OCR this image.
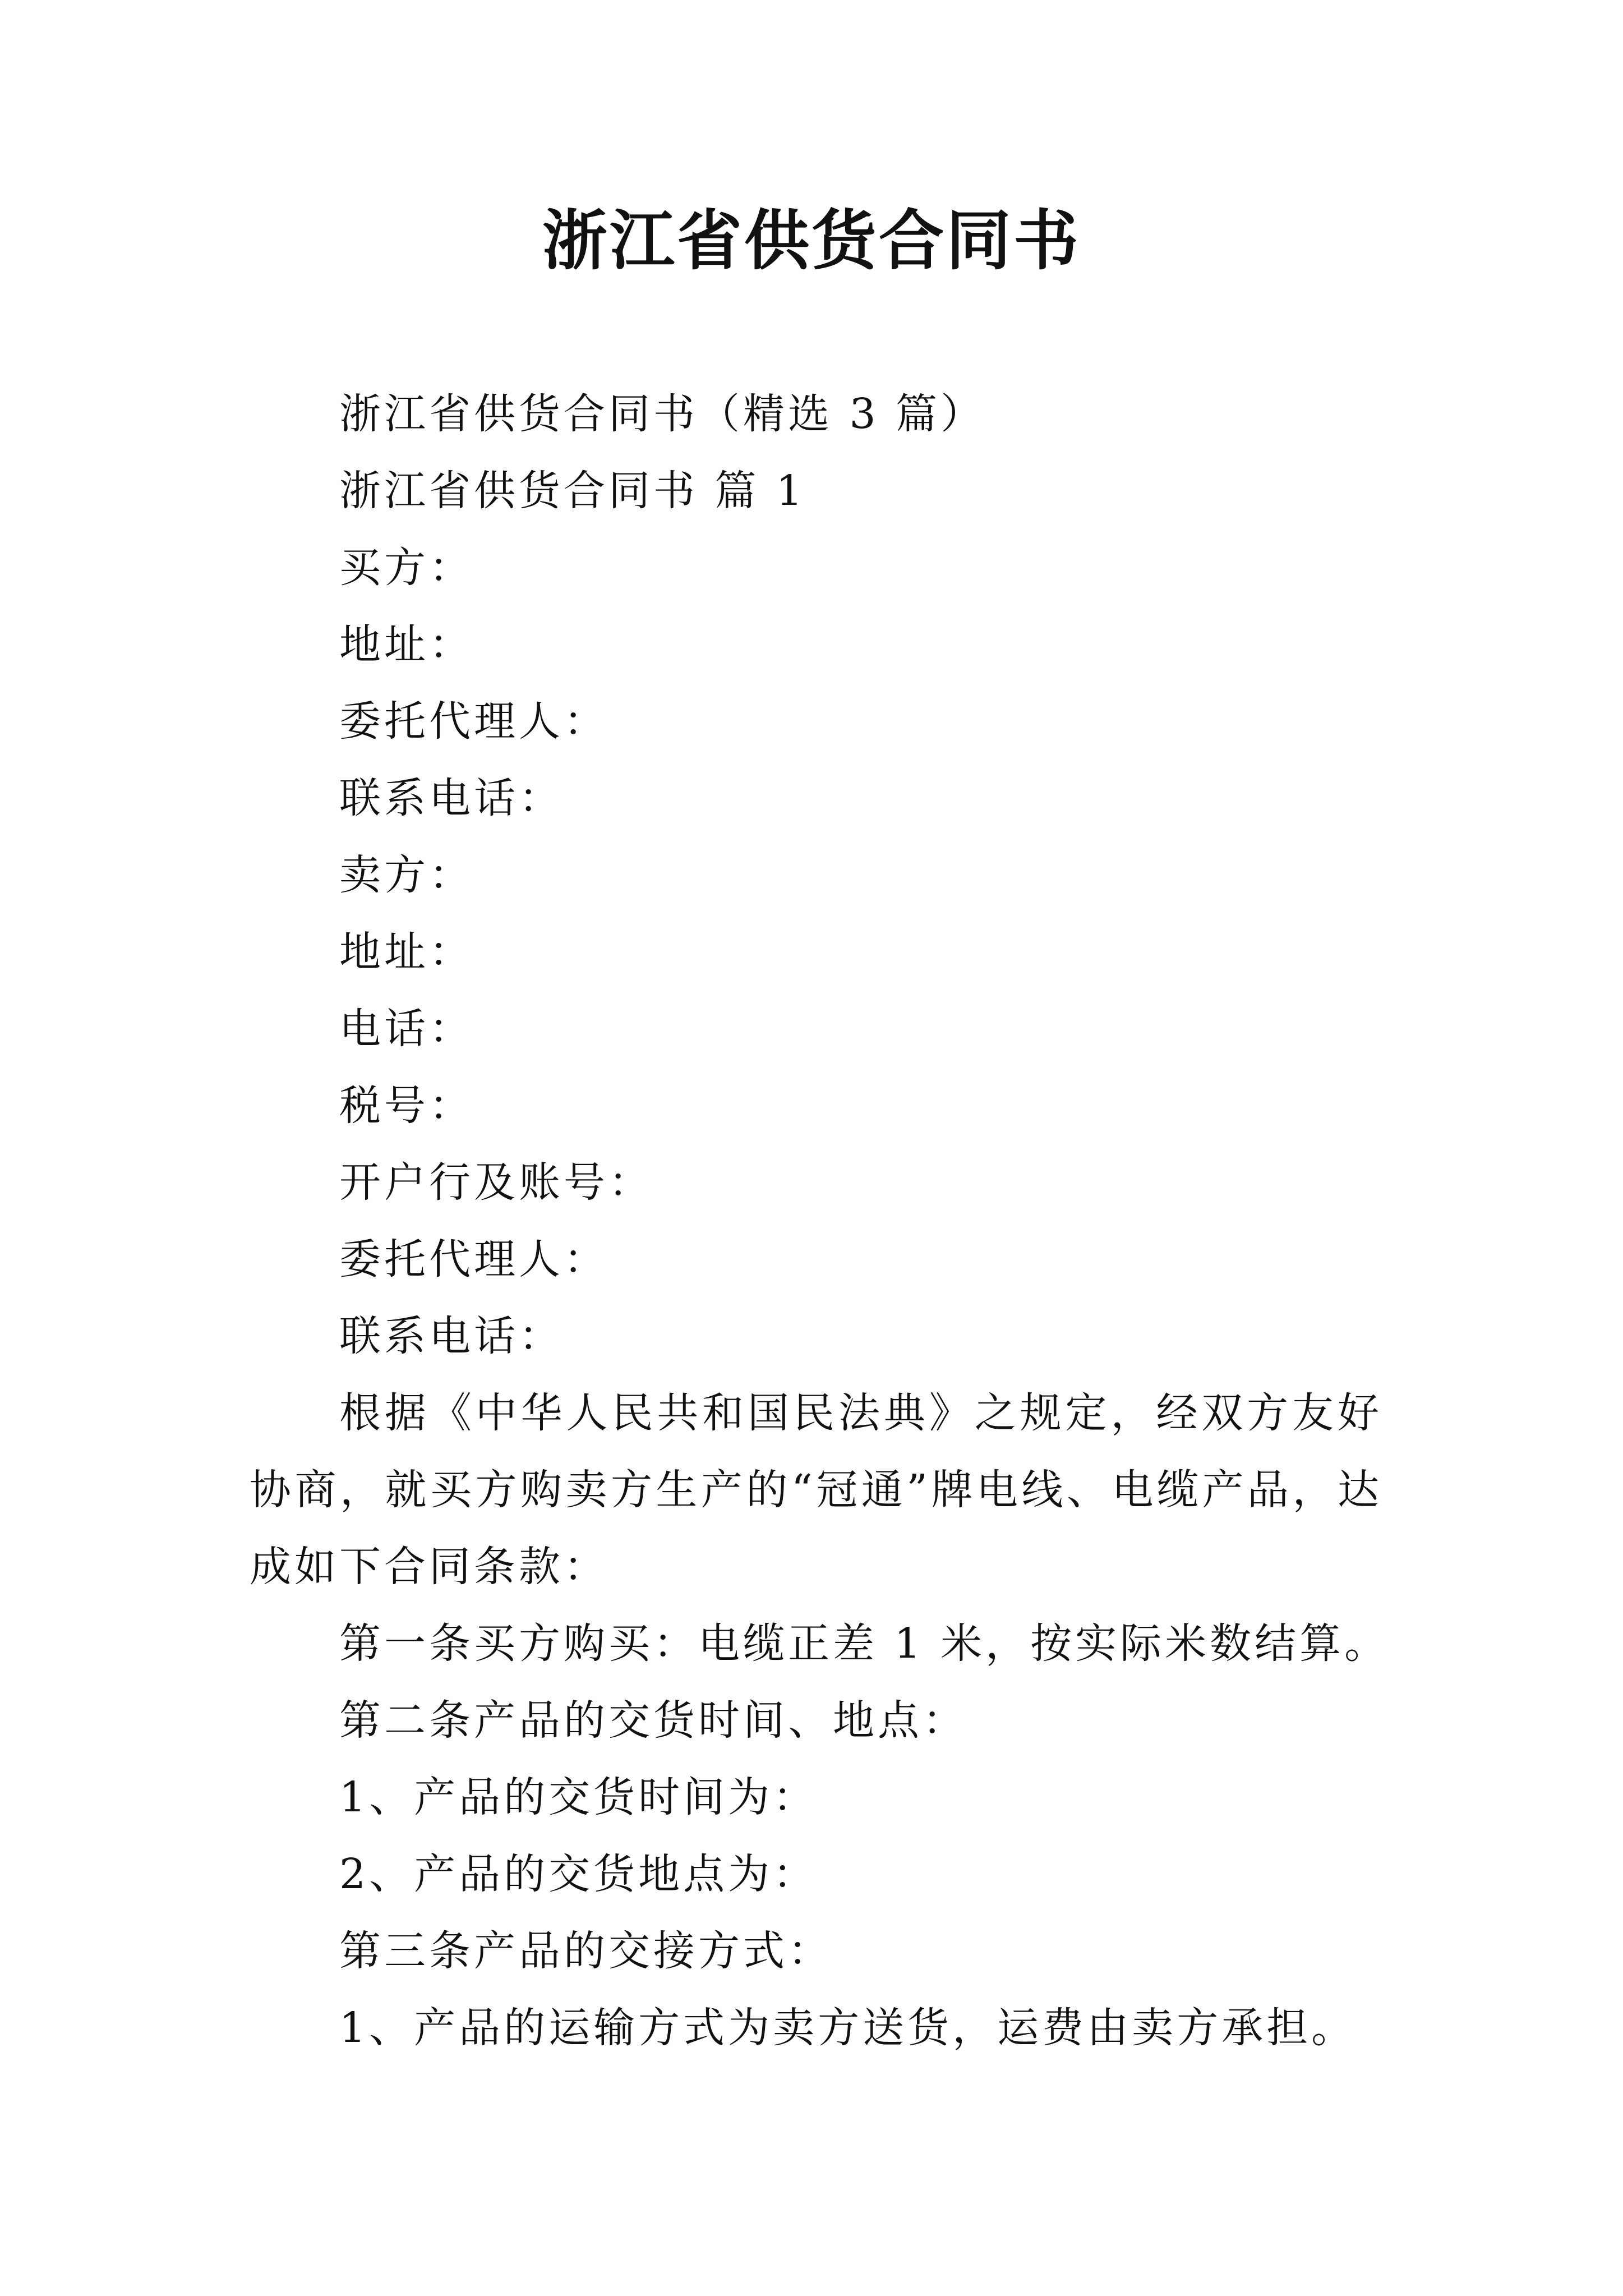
浙江省供货合同书
浙江省供货合同书（精选 3 篇）
浙江省供货合同书 篇 1
买方：
地址：
委托代理人：
联系电话：
卖方：
地址：
电话：
税号：
开户行及账号：
委托代理人：
联系电话：
根据《中华人民共和国民法典》之规定，经双方友好协商，就买方购卖方生产的“冠通”牌电线、电缆产品，达成如下合同条款：
第一条买方购买：电缆正差 1 米，按实际米数结算。
第二条产品的交货时间、地点：
1、产品的交货时间为：
2、产品的交货地点为：
第三条产品的交接方式：
1、产品的运输方式为卖方送货，运费由卖方承担。
